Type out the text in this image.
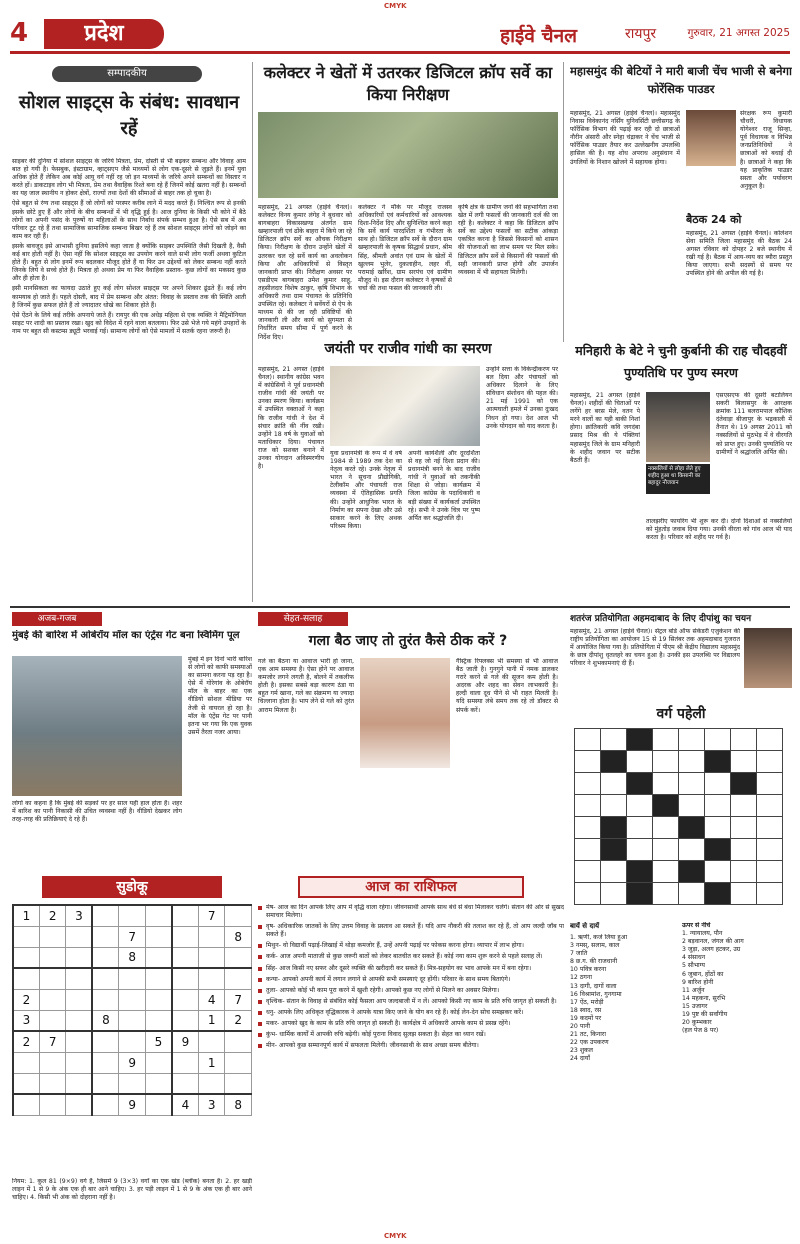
CMYK
CMYK
4	प्रदेश	हाईवे चैनल	रायपुर	गुरुवार, 21 अगस्त 2025
सम्पादकीय
सोशल साइट्स के संबंध: सावधान रहें

साइबर की दुनिया में सोशल साइट्स के जरिये मित्रता, प्रेम, दोस्ती से भी बढ़कर सम्बन्ध और विवाह आम बात हो गयी है। फेसबुक, इंस्टाग्राम, व्हाट्सएप जैसे माध्यमों से लोग एक-दूसरे से जुड़ते हैं। इनमें युवा अधिक होते हैं लेकिन अब कोई आयु वर्ग नहीं रह जो इन माध्यमों के जरिये अपने सम्बन्धों का विस्तार न करते हों। डाकटाइव लोग भी मित्रता, प्रेम तथा वैवाहिक रिश्ते बना रहे हैं जिनमें कोई खतरा नहीं है। सम्बन्धों का यह जाल स्थानीय न होकर क्षेत्रों, राज्यों तथा देशों की सीमाओं से बाहर तक हो चुका है।

ऐसे बहुत से रंग्य तथा साइट्स हैं जो लोगों को परस्पर करीब लाने में मदद करते हैं। निश्चित रूप से इनकी इसके छोटे हुए हैं और लोगों के बीच सम्बन्धों में भी वृद्धि हुई है। आज दुनिया के किसी भी कोने में बैठे लोगों का अपनी पसंद के पुरुषों या महिलाओं के साथ निर्बाध संपर्क सम्भव हुआ है। ऐसे सब में अब परिवार टूट रहे हैं तथा सामाजिक सामाजिक सम्बन्ध बिखर रहे हैं तब सोशल साइट्स लोगों को जोड़ने का काम कर रही हैं।

इसके बावजूद इसे आभासी दुनिया इसलिये कहा जाता है क्योंकि साइबर उपस्थिति जैसी दिखती है, वैसी कई बार होती नहीं है। ऐसा नहीं कि सोशल साइट्स का उपयोग करने वाले सभी लोग फर्जी अथवा कुटिल होते हैं। बहुत से लोग इनमें रूप बदलकर मौजूद होते हैं या फिर उन उद्देश्यों को लेकर सम्बन्ध नहीं करते जिनके लिये वे सच्चे होते हैं। मित्रता हो अथवा प्रेम या फिर वैवाहिक प्रस्ताव- कुछ लोगों का मकसद कुछ और ही होता है।

इसी मानसिकता का फायदा उठाते हुए कई लोग सोशल साइट्स पर अपने शिकार ढूंढते हैं। कई लोग कामयाब हो जाते हैं। पहले दोस्ती, बाद में प्रेम सम्बन्ध और अंतत: विवाह के प्रस्ताव तक की स्थिति आती है जिनमें कुछ सफल होते हैं तो ज्यादातर धोखे का शिकार होते हैं।

ऐसे ऐंठने के लिये कई तरीके अपनाये जाते हैं। रायपुर की एक अधेड़ महिला से एक व्यक्ति ने मैट्रिमोनियल साइट पर शादी का प्रस्ताव रखा। खुद को विदेश में रहने वाला बतलाया। फिर उसे भेजे गये महंगे उपहारों के नाम पर बहुत सी कस्टम्स ड्यूटी भरवाई गई। सामान्य लोगों को ऐसे मामलों में सतर्क रहना जरूरी है।

कलेक्टर ने खेतों में उतरकर डिजिटल क्रॉप सर्वे का किया निरीक्षण
महासमुंद, 21 अगस्त (हाईवे चैनल)। कलेक्टर विनय कुमार लंगेह ने बुधवार को बागबाहरा विकासखण्ड अंतर्गत ग्राम खम्हारपाली एवं ढोंके बाहरा में किये जा रहे डिजिटल क्रॉप सर्वे का औचक निरीक्षण किया। निरीक्षण के दौरान उन्होंने खेतों में उतरकर चल रहे सर्वे कार्य का अवलोकन किया और अधिकारियों से विस्तृत जानकारी प्राप्त की। निरीक्षण अवसर पर एसडीएम बागबाहरा उमेश कुमार साहू, तहसीलदार विशेष ठाकुर, कृषि विभाग के अधिकारी तथा ग्राम पंचायत के प्रतिनिधि उपस्थित रहे। कलेक्टर ने सर्वेयरों से ऐप के माध्यम से की जा रही प्रविष्टियों की जानकारी ली और कार्य को सुगमता से निर्धारित समय सीमा में पूर्ण करने के निर्देश दिए।
कलेक्टर ने मौके पर मौजूद राजस्व अधिकारियों एवं कर्मचारियों को आवश्यक दिशा-निर्देश दिए और सुनिश्चित करने कहा कि सर्वे कार्य पारदर्शिता व गंभीरता के साथ हो। डिजिटल क्रॉप सर्वे के दौरान ग्राम खम्हारपाली के कृषक सिद्धार्थ प्रधान, श्रीम सिंह, श्रीमती अवांत एवं ग्राम के खेतों में खुल्लम भुलेर, दुकलाहीन, लहर वीं, परामाई खर्रिश, ग्राम सरपंच एवं ग्रामीण मौजूद थे। इस दौरान कलेक्टर ने कृषकों से चर्चा की तथा फसल की जानकारी ली।
कृषि क्षेत्र के ग्रामीण जनों की सहभागिता तथा खेत में लगी फसलों की जानकारी दर्ज की जा रही है। कलेक्टर ने कहा कि डिजिटल क्रॉप सर्वे का उद्देश्य फसलों का सटीक आंकड़ा एकत्रित करना है जिससे किसानों को शासन की योजनाओं का लाभ समय पर मिल सके। डिजिटल क्रॉप सर्वे से किसानों की फसलों की सही जानकारी प्राप्त होगी और उपार्जन व्यवस्था में भी सहायता मिलेगी।
महासमुंद की बेटियों ने मारी बाजी चेंच भाजी से बनेगा फोरेंसिक पाउडर
महासमुंद, 21 अगस्त (हाईवे चैनल)। महासमुंद निवास विवेकानंद नर्सिंग युनिवर्सिटी छत्तीसगढ़ के फॉरेंसिक विभाग की पढ़ाई कर रही दो छात्राओं नौरीन अंसारी और स्नेहा चंद्राकर ने चेंच भाजी से फॉरेंसिक पाउडर तैयार कर उल्लेखनीय उपलब्धि हासिल की है। यह शोध अपराध अनुसंधान में उंगलियों के निशान खोजने में सहायक होगा।
संरक्षक रूप कुमारी चौधरी, विधायक योगेश्वर राजू सिन्हा, पूर्व विधायक व विभिन्न जनप्रतिनिधियों ने छात्राओं को बधाई दी है। छात्राओं ने कहा कि यह प्राकृतिक पाउडर सस्ता और पर्यावरण अनुकूल है।
बैठक 24 को
महासमुंद, 21 अगस्त (हाईवे चैनल)। कोलेशन सेवा समिति जिला महासमुंद की बैठक 24 अगस्त रविवार को दोपहर 2 बजे स्थानीय में रखी गई है। बैठक में आय-व्यय का ब्यौरा प्रस्तुत किया जाएगा। सभी सदस्यों से समय पर उपस्थित होने की अपील की गई है।
जयंती पर राजीव गांधी का स्मरण
महासमुंद, 21 अगस्त (हाईवे चैनल)। स्थानीय कांग्रेस भवन में कांग्रेसियों ने पूर्व प्रधानमंत्री राजीव गांधी की जयंती पर उनका स्मरण किया। कार्यक्रम में उपस्थित वक्ताओं ने कहा कि राजीव गांधी ने देश में संचार क्रांति की नींव रखी। उन्होंने 18 वर्ष के युवाओं को मताधिकार दिया। पंचायत राज को सशक्त बनाने में उनका योगदान अविस्मरणीय है।
युवा प्रधानमंत्री के रूप में वे वर्ष 1984 से 1989 तक देश का नेतृत्व करते रहे। उनके नेतृत्व में भारत ने सूचना प्रौद्योगिकी, टेलीकॉम और पंचायती राज व्यवस्था में ऐतिहासिक प्रगति की। उन्होंने आधुनिक भारत के निर्माण का सपना देखा और उसे साकार करने के लिए अथक परिश्रम किया।
अपनी कार्यशैली और दूरदर्शिता से वह जो नई दिशा प्रदान की। प्रधानमंत्री बनने के बाद राजीव गांधी ने युवाओं को तकनीकी शिक्षा से जोड़ा। कार्यक्रम में जिला कांग्रेस के पदाधिकारी व बड़ी संख्या में कार्यकर्ता उपस्थित रहे। सभी ने उनके चित्र पर पुष्प अर्पित कर श्रद्धांजलि दी।
उन्होंने सत्ता के विकेन्द्रीकरण पर बल दिया और पंचायतों को अधिकार दिलाने के लिए संविधान संशोधन की पहल की। 21 मई 1991 को एक आत्मघाती हमले में उनका दुःखद निधन हो गया। देश आज भी उनके योगदान को याद करता है।
मनिहारी के बेटे ने चुनी कुर्बानी की राह चौदहवीं पुण्यतिथि पर पुण्य स्मरण
महासमुंद, 21 अगस्त (हाईवे चैनल)। शहीदों की चिताओं पर लगेंगे हर बरस मेले, वतन पे मरने वालों का यही बाकी निशां होगा। क्रांतिकारी कवि जगदंबा प्रसाद मिश्र की ये पंक्तियां महासमुंद जिले के ग्राम मनिहारी के शहीद जवान पर सटीक बैठती हैं।
नक्सलियों से लोहा लेते हुए शहीद हुआ था किसानी का बहादुर नौजवान
एसएसएफ की दूसरी बटालियन सकरी बिलासपुर के आरक्षक क्रमांक 111 बलरामपाल कौशिक दंतेवाड़ा बीजापुर के भद्रकाली में तैनात थे। 19 अगस्त 2011 को नक्सलियों से मुठभेड़ में वे वीरगति को प्राप्त हुए। उनकी पुण्यतिथि पर ग्रामीणों ने श्रद्धांजलि अर्पित की।
तालझरीए फायरिंग भी शुरू कर दी। दोनों दिशाओं से नक्सलियों को मुंहतोड़ जवाब दिया गया। उनकी वीरता को गांव आज भी याद करता है। परिवार को शहीद पर गर्व है।
अजब-गजब
मुंबई की बारिश में ओबेरॉय मॉल का एंट्रेंस गेट बना स्विमिंग पूल
मुंबई में इन दिनों भारी बारिश से लोगों को काफी समस्याओं का सामना करना पड़ रहा है। ऐसे में गोरेगांव के ओबेरॉय मॉल के बाहर का एक वीडियो सोशल मीडिया पर तेजी से वायरल हो रहा है। मॉल के एंट्रेंस गेट पर पानी इतना भर गया कि एक युवक उसमें तैरता नजर आया।
लोगों का कहना है कि मुंबई की सड़कों पर हर साल यही हाल होता है। शहर में बारिश का पानी निकासी की उचित व्यवस्था नहीं है। वीडियो देखकर लोग तरह-तरह की प्रतिक्रियाएं दे रहे हैं।
सेहत-सलाह
गला बैठ जाए तो तुरंत कैसे ठीक करें ?
गले का बैठना या आवाज भारी हो जाना, एक आम समस्या है। ऐसा होने पर आवाज कमजोर लगने लगती है, बोलने में तकलीफ होती है। इसका सबसे बड़ा कारण ठंडा या बहुत गर्म खाना, गले का संक्रमण या ज्यादा चिल्लाना होता है। भाप लेने से गले को तुरंत आराम मिलता है।
गैस्ट्रिक रिफ्लक्स भी समस्या से भी आवाज बैठ जाती है। गुनगुने पानी में नमक डालकर गरारे करने से गले की सूजन कम होती है। अदरक और शहद का सेवन लाभकारी है। हल्दी वाला दूध पीने से भी राहत मिलती है। यदि समस्या लंबे समय तक रहे तो डॉक्टर से संपर्क करें।
शतरंज प्रतियोगिता अहमदाबाद के लिए दीपांशु का चयन
महासमुंद, 21 अगस्त (हाईवे चैनल)। सेंट्रल बोर्ड ऑफ सेकेंडरी एजुकेशन की राष्ट्रीय प्रतियोगिता का आयोजन 15 से 19 सितंबर तक अहमदाबाद गुजरात में आयोजित किया गया है। प्रतियोगिता में पीएम श्री केंद्रीय विद्यालय महासमुंद के छात्र दीपांशु धृतलहरे का चयन हुआ है। उनकी इस उपलब्धि पर विद्यालय परिवार ने शुभकामनाएं दी हैं।
वर्ग पहेली

बायें से दायें
1. ऋणी, कर्ज लिया हुआ
3 नमस्, सलाम, काल
7 जाति
8 छ.ग. की राजधानी
10 पवित्र करना
12 ठगना
13 दागी, दागों वाला
16 विश्रामांश, गुनगामा
17 ऐंठ, मरोड़ी
18 स्वाद, रस
19 कदमों पर
20 पानी
21 तट, किनारा
22 एक उपकरण
23 शुकल
24 दायाँ
ऊपर से नीचे
1. न्यायालय, पौन
2 बड़वानल, जंगल की आग
3 जुड़ा, अलग हटकर, उग्र
4 संसाधन
5 सौभाग्य
6 जुबान, होंठों का
9 बारिश होनी
11 अर्जुन
14 महकना, सुरभि
15 उजागर
19 पुष्ट की सर्वांगीय
20 कुम्भकार
(हल पेज 8 पर)
सुडोकू
1	2	3					7	
				7				8
				8				

2							4	7
3			8				1	2
2	7				5	9		
				9			1	

				9		4	3	8
नियम: 1. कुल 81 (9×9) वर्ग हैं, जिसमें 9 (3×3) वर्गों का एक खंड (ब्लॉक) बनता है। 2. हर खड़ी लाइन में 1 से 9 के अंक एक ही बार आने चाहिए। 3. हर पड़ी लाइन में 1 से 9 के अंक एक ही बार आने चाहिए। 4. किसी भी अंक को दोहराना नहीं है।
आज का राशिफल
मेष- आज का दिन आपके लिए आप में वृद्धि वाला रहेगा। जीवनसाथी आपके साथ बंधे से बंधा मिलाकर चलेंगे। संतान की ओर से सुखद समाचार मिलेगा।
वृष- अधिकारिक जातकों के लिए उत्तम विवाह के प्रस्ताव आ सकते हैं। यदि आप नौकरी की तलाश कर रहे हैं, तो आप जल्दी जॉब पा सकते हैं।
मिथुन- वो विद्यार्थी पढ़ाई-लिखाई में थोड़ा कमजोर हैं, उन्हें अपनी पढ़ाई पर फोकस करना होगा। व्यापार में लाभ होगा।
कर्क- आज अपनी माताजी से कुछ जरूरी बातों को लेकर बातचीत कर सकते हैं। कोई नया काम शुरू करने से पहले सलाह लें।
सिंह- आज किसी नए सफर और दूसरे व्यक्ति की खरीदारी कर सकते हैं। मित्र-सहयोग का भाव आपके मन में बना रहेगा।
कन्या- आपको अपनी कार्य में लगान लगाने से आपकी सभी समस्याएं दूर होंगी। परिवार के साथ समय बिताएंगे।
तुला- आपको कोई भी काम पूरा करने में खुशी रहेगी। आपको कुछ नए लोगों से मिलने का अवसर मिलेगा।
वृश्चिक- संतान के विवाह से संबंधित कोई फैसला आप जल्दबाजी में न लें। आपको किसी नए काम के प्रति रुचि जागृत हो सकती है।
धनु- आपके लिए अधिकृत वृद्धिकारक ने आपके यात्रा किए जाने के योग बन रहे हैं। कोई लेन-देन सोच समझकर करें।
मकर- आपको खुद के काम के प्रति रुचि जागृत हो सकती है। कार्यक्षेत्र में अधिकारी आपके काम से प्रसन्न रहेंगे।
कुंभ- धार्मिक कार्यों में आपकी रुचि बढ़ेगी। कोई पुराना विवाद सुलझ सकता है। सेहत का ध्यान रखें।
मीन- आपको कुछ सम्मानपूर्ण कार्य में सफलता मिलेगी। जीवनसाथी के साथ अच्छा समय बीतेगा।
